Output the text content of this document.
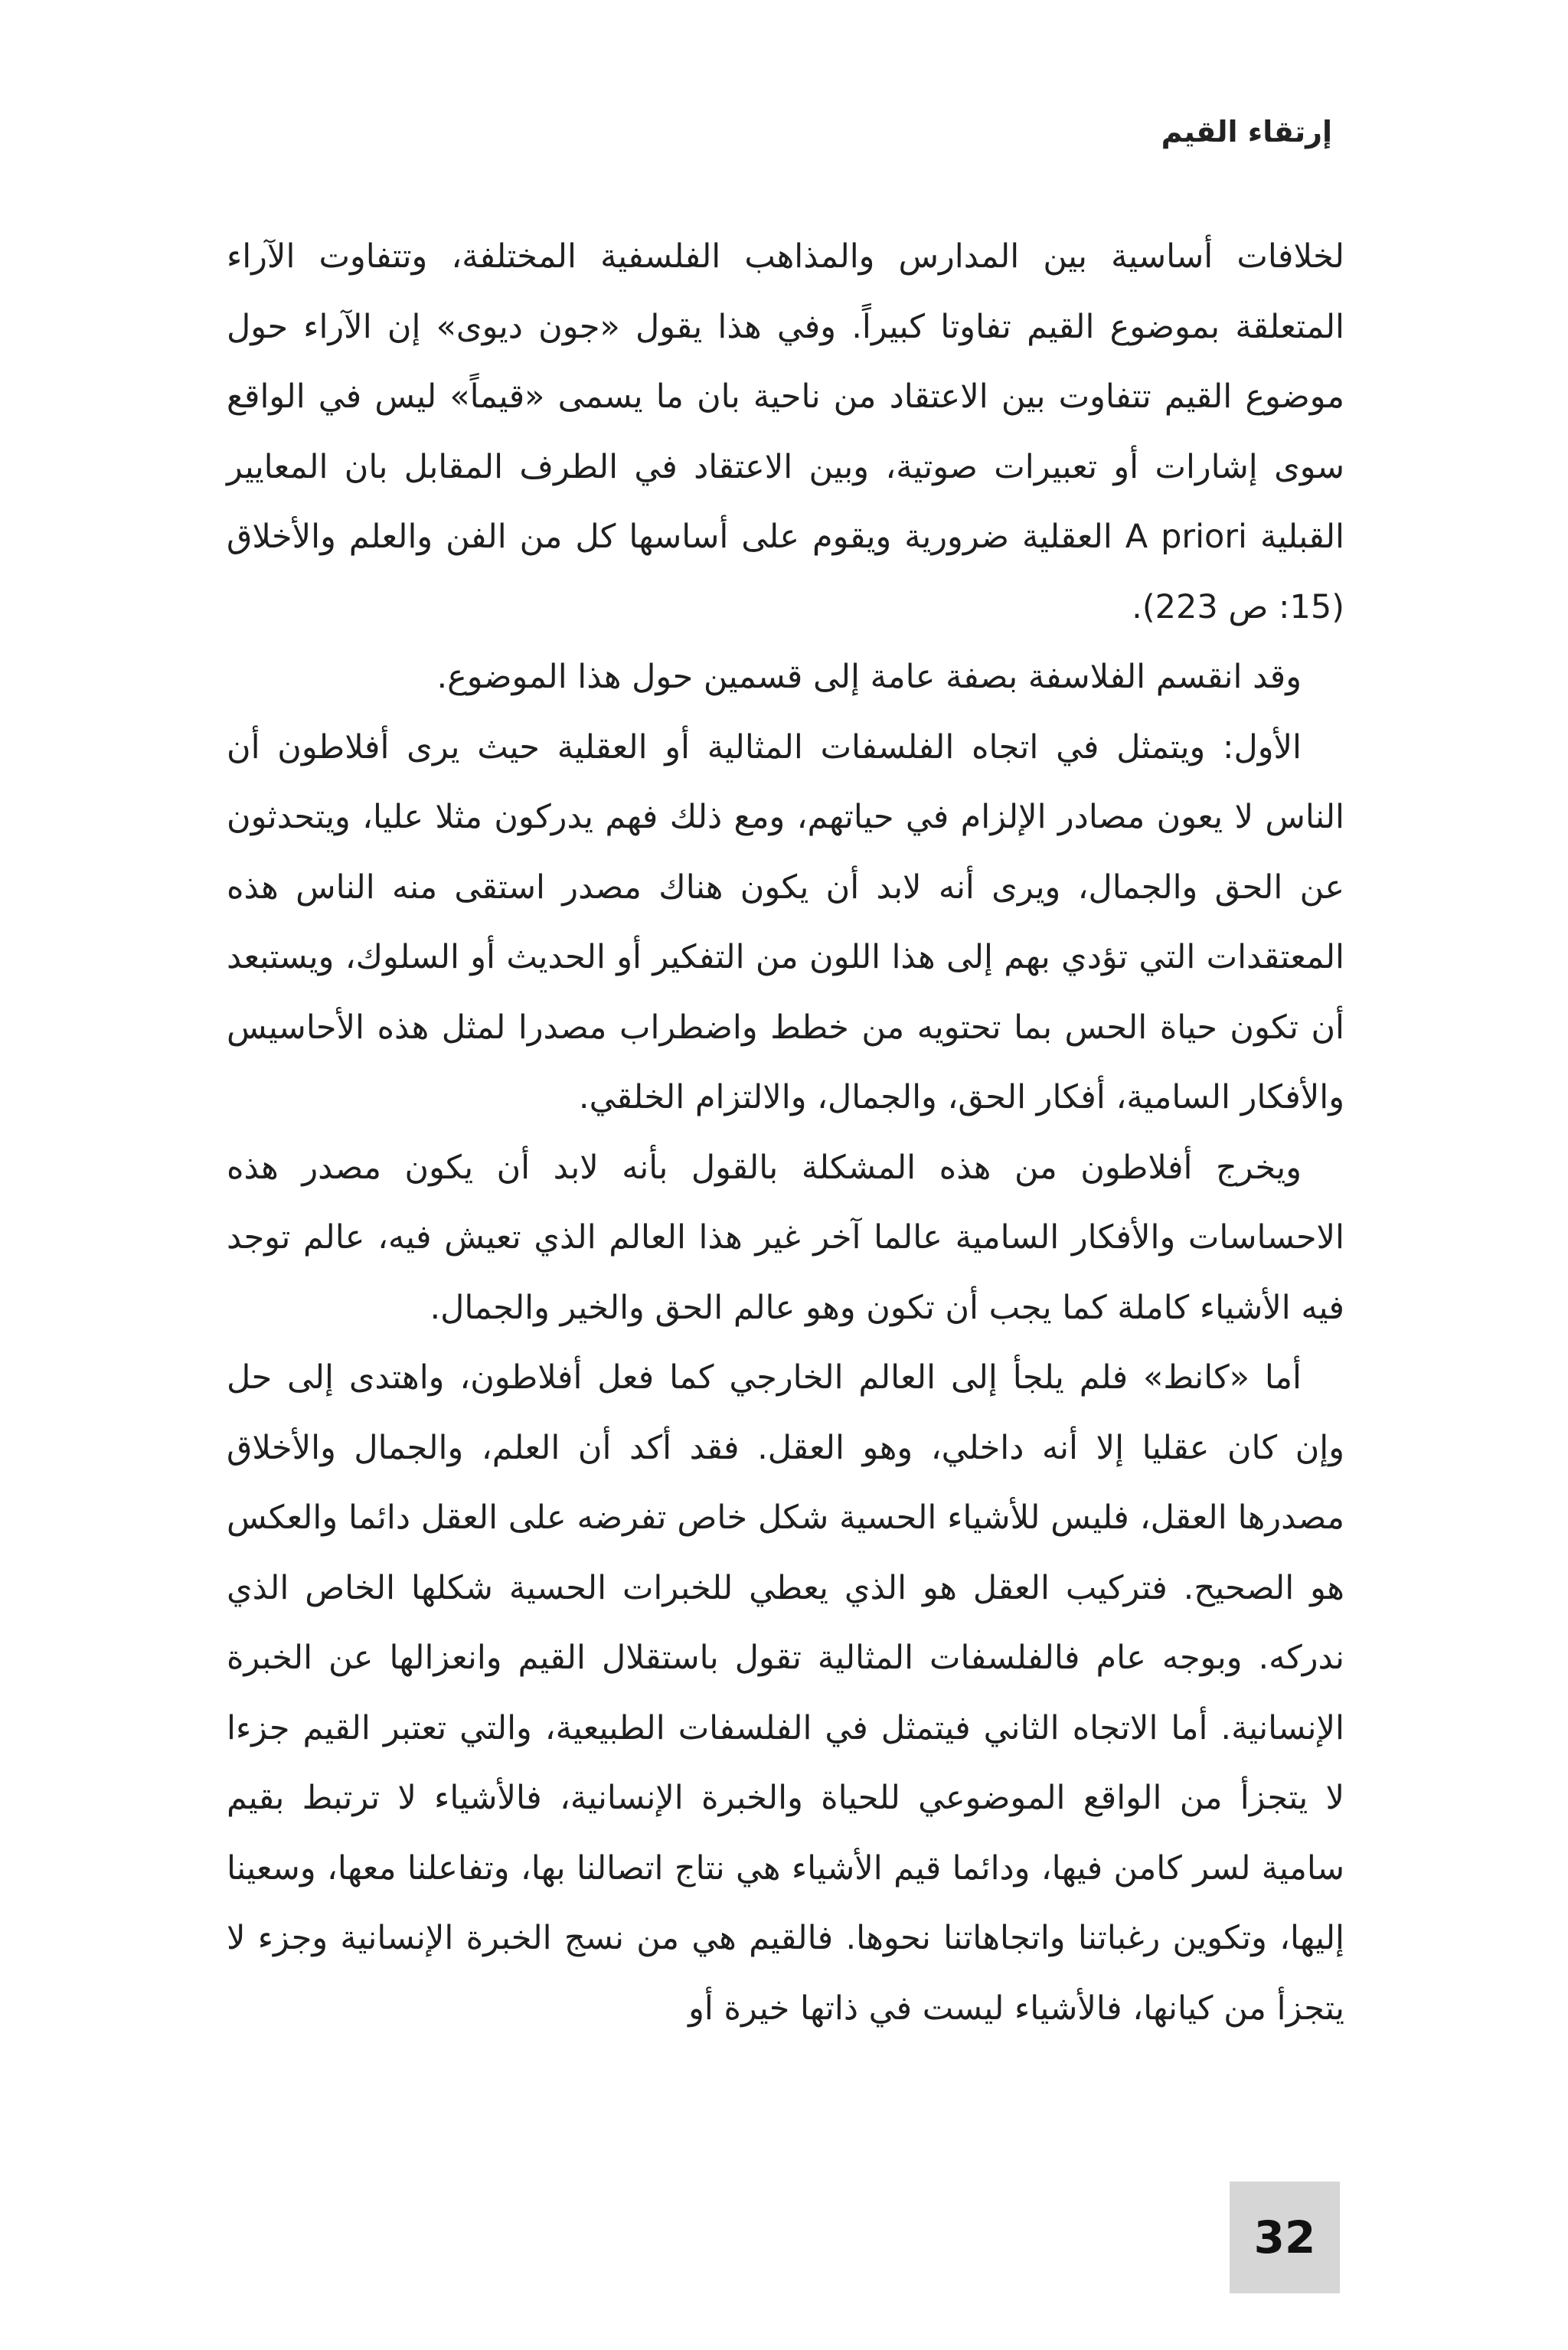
إرتقاء القيم

لخلافات أساسية بين المدارس والمذاهب الفلسفية المختلفة، وتتفاوت الآراء المتعلقة بموضوع القيم تفاوتا كبيراً. وفي هذا يقول «جون ديوى» إن الآراء حول موضوع القيم تتفاوت بين الاعتقاد من ناحية بان ما يسمى «قيماً» ليس في الواقع سوى إشارات أو تعبيرات صوتية، وبين الاعتقاد في الطرف المقابل بان المعايير القبلية A priori العقلية ضرورية ويقوم على أساسها كل من الفن والعلم والأخلاق (15: ص 223).

وقد انقسم الفلاسفة بصفة عامة إلى قسمين حول هذا الموضوع.

الأول: ويتمثل في اتجاه الفلسفات المثالية أو العقلية حيث يرى أفلاطون أن الناس لا يعون مصادر الإلزام في حياتهم، ومع ذلك فهم يدركون مثلا عليا، ويتحدثون عن الحق والجمال، ويرى أنه لابد أن يكون هناك مصدر استقى منه الناس هذه المعتقدات التي تؤدي بهم إلى هذا اللون من التفكير أو الحديث أو السلوك، ويستبعد أن تكون حياة الحس بما تحتويه من خطط واضطراب مصدرا لمثل هذه الأحاسيس والأفكار السامية، أفكار الحق، والجمال، والالتزام الخلقي.

ويخرج أفلاطون من هذه المشكلة بالقول بأنه لابد أن يكون مصدر هذه الاحساسات والأفكار السامية عالما آخر غير هذا العالم الذي تعيش فيه، عالم توجد فيه الأشياء كاملة كما يجب أن تكون وهو عالم الحق والخير والجمال.

أما «كانط» فلم يلجأ إلى العالم الخارجي كما فعل أفلاطون، واهتدى إلى حل وإن كان عقليا إلا أنه داخلي، وهو العقل. فقد أكد أن العلم، والجمال والأخلاق مصدرها العقل، فليس للأشياء الحسية شكل خاص تفرضه على العقل دائما والعكس هو الصحيح. فتركيب العقل هو الذي يعطي للخبرات الحسية شكلها الخاص الذي ندركه. وبوجه عام فالفلسفات المثالية تقول باستقلال القيم وانعزالها عن الخبرة الإنسانية. أما الاتجاه الثاني فيتمثل في الفلسفات الطبيعية، والتي تعتبر القيم جزءا لا يتجزأ من الواقع الموضوعي للحياة والخبرة الإنسانية، فالأشياء لا ترتبط بقيم سامية لسر كامن فيها، ودائما قيم الأشياء هي نتاج اتصالنا بها، وتفاعلنا معها، وسعينا إليها، وتكوين رغباتنا واتجاهاتنا نحوها. فالقيم هي من نسج الخبرة الإنسانية وجزء لا يتجزأ من كيانها، فالأشياء ليست في ذاتها خيرة أو

32
